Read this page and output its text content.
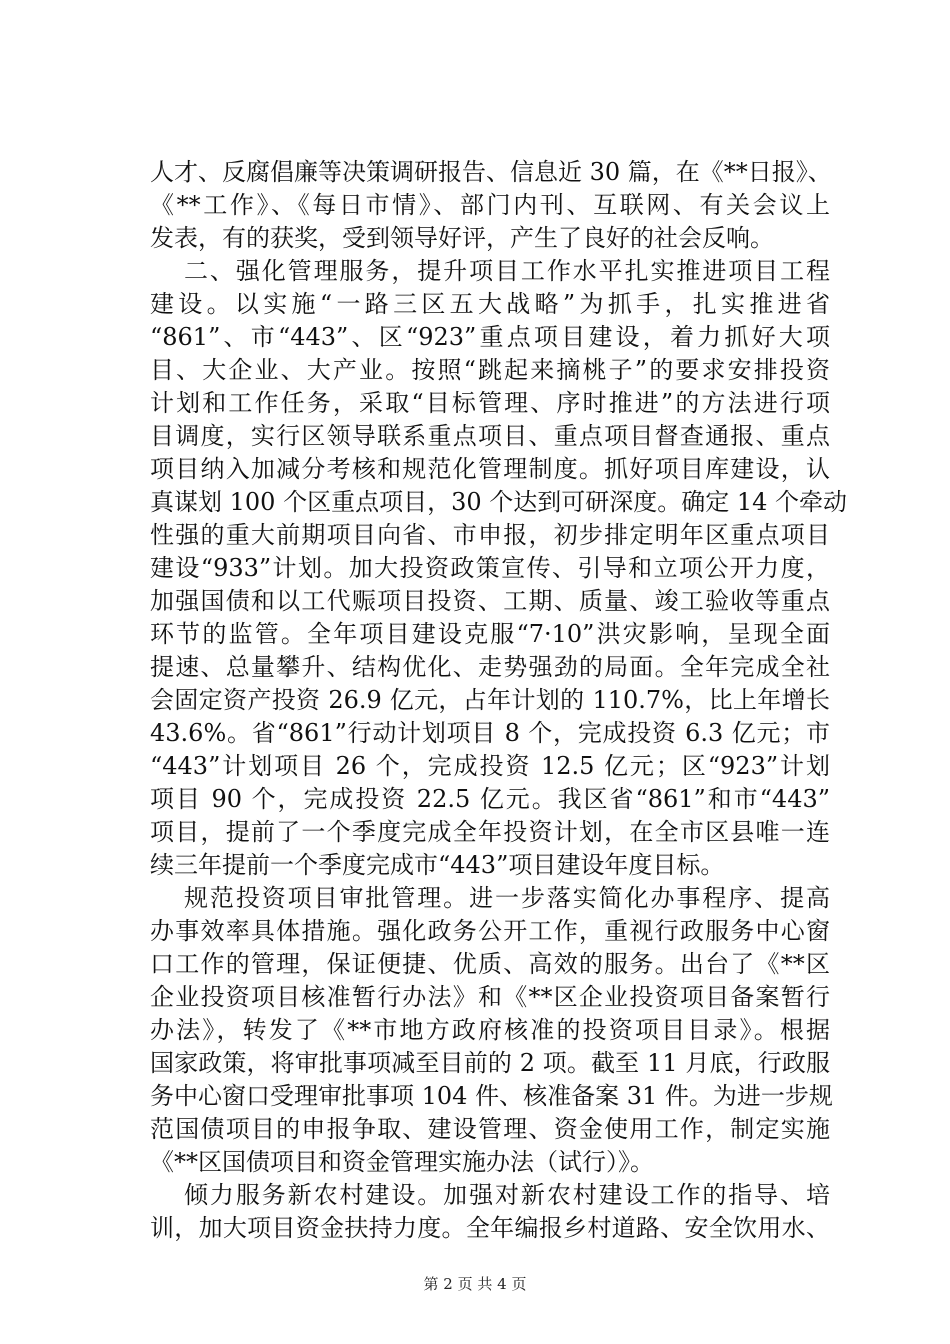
人才、反腐倡廉等决策调研报告、信息近 30 篇，在《**日报》、
《**工作》、《每日市情》、部门内刊、互联网、有关会议上
发表，有的获奖，受到领导好评，产生了良好的社会反响。
二、强化管理服务，提升项目工作水平扎实推进项目工程
建设。以实施“一路三区五大战略”为抓手，扎实推进省
“861”、市“443”、区“923”重点项目建设，着力抓好大项
目、大企业、大产业。按照“跳起来摘桃子”的要求安排投资
计划和工作任务，采取“目标管理、序时推进”的方法进行项
目调度，实行区领导联系重点项目、重点项目督查通报、重点
项目纳入加减分考核和规范化管理制度。抓好项目库建设，认
真谋划 100 个区重点项目，30 个达到可研深度。确定 14 个牵动
性强的重大前期项目向省、市申报，初步排定明年区重点项目
建设“933”计划。加大投资政策宣传、引导和立项公开力度，
加强国债和以工代赈项目投资、工期、质量、竣工验收等重点
环节的监管。全年项目建设克服“7·10”洪灾影响，呈现全面
提速、总量攀升、结构优化、走势强劲的局面。全年完成全社
会固定资产投资 26.9 亿元，占年计划的 110.7%，比上年增长
43.6%。省“861”行动计划项目 8 个，完成投资 6.3 亿元；市
“443”计划项目 26 个，完成投资 12.5 亿元；区“923”计划
项目 90 个，完成投资 22.5 亿元。我区省“861”和市“443”
项目，提前了一个季度完成全年投资计划，在全市区县唯一连
续三年提前一个季度完成市“443”项目建设年度目标。
规范投资项目审批管理。进一步落实简化办事程序、提高
办事效率具体措施。强化政务公开工作，重视行政服务中心窗
口工作的管理，保证便捷、优质、高效的服务。出台了《**区
企业投资项目核准暂行办法》和《**区企业投资项目备案暂行
办法》，转发了《**市地方政府核准的投资项目目录》。根据
国家政策，将审批事项减至目前的 2 项。截至 11 月底，行政服
务中心窗口受理审批事项 104 件、核准备案 31 件。为进一步规
范国债项目的申报争取、建设管理、资金使用工作，制定实施
《**区国债项目和资金管理实施办法（试行）》。
倾力服务新农村建设。加强对新农村建设工作的指导、培
训，加大项目资金扶持力度。全年编报乡村道路、安全饮用水、
第 2 页 共 4 页
